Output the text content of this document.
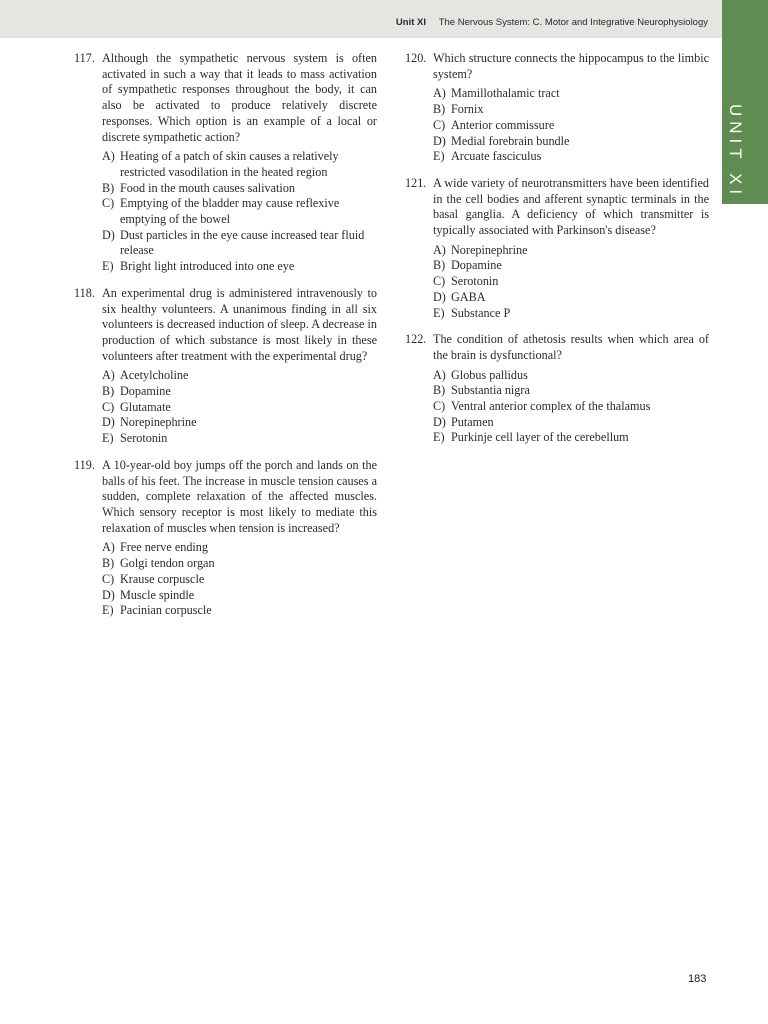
Unit XI The Nervous System: C. Motor and Integrative Neurophysiology
UNIT XI
117. Although the sympathetic nervous system is often activated in such a way that it leads to mass activation of sympathetic responses throughout the body, it can also be activated to produce relatively discrete responses. Which option is an example of a local or discrete sympathetic action?
A) Heating of a patch of skin causes a relatively restricted vasodilation in the heated region
B) Food in the mouth causes salivation
C) Emptying of the bladder may cause reflexive emptying of the bowel
D) Dust particles in the eye cause increased tear fluid release
E) Bright light introduced into one eye
118. An experimental drug is administered intravenously to six healthy volunteers. A unanimous finding in all six volunteers is decreased induction of sleep. A decrease in production of which substance is most likely in these volunteers after treatment with the experimental drug?
A) Acetylcholine
B) Dopamine
C) Glutamate
D) Norepinephrine
E) Serotonin
119. A 10-year-old boy jumps off the porch and lands on the balls of his feet. The increase in muscle tension causes a sudden, complete relaxation of the affected muscles. Which sensory receptor is most likely to mediate this relaxation of muscles when tension is increased?
A) Free nerve ending
B) Golgi tendon organ
C) Krause corpuscle
D) Muscle spindle
E) Pacinian corpuscle
120. Which structure connects the hippocampus to the limbic system?
A) Mamillothalamic tract
B) Fornix
C) Anterior commissure
D) Medial forebrain bundle
E) Arcuate fasciculus
121. A wide variety of neurotransmitters have been identified in the cell bodies and afferent synaptic terminals in the basal ganglia. A deficiency of which transmitter is typically associated with Parkinson's disease?
A) Norepinephrine
B) Dopamine
C) Serotonin
D) GABA
E) Substance P
122. The condition of athetosis results when which area of the brain is dysfunctional?
A) Globus pallidus
B) Substantia nigra
C) Ventral anterior complex of the thalamus
D) Putamen
E) Purkinje cell layer of the cerebellum
183
